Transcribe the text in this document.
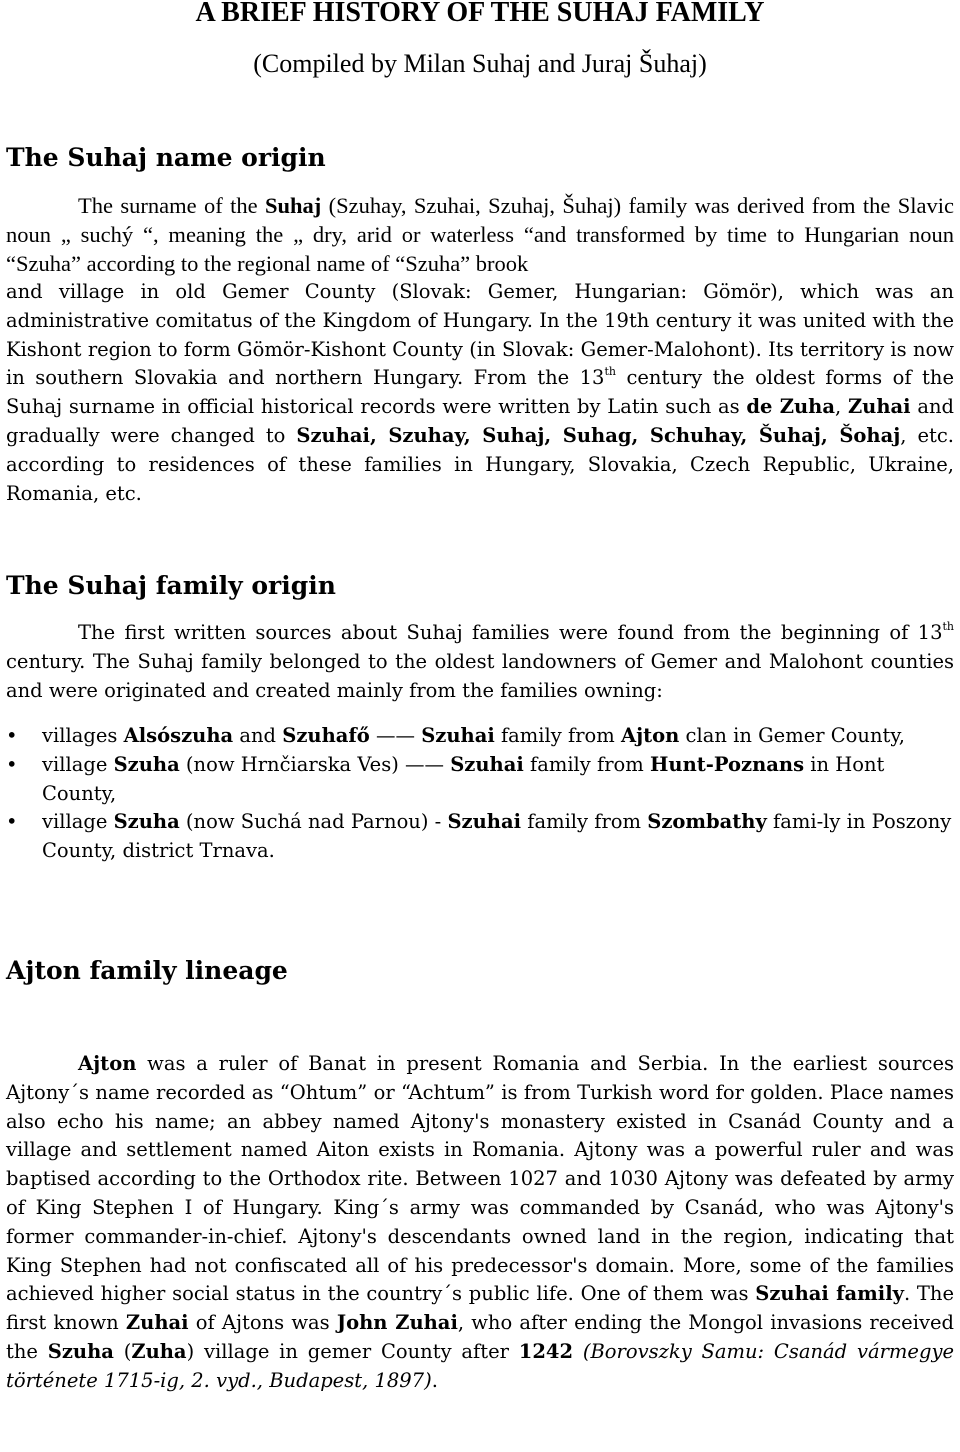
A BRIEF HISTORY OF THE SUHAJ FAMILY
(Compiled by Milan Suhaj and Juraj Šuhaj)
The Suhaj name origin
The surname of the Suhaj (Szuhay, Szuhai, Szuhaj, Šuhaj) family was derived from the Slavic noun „ suchý “, meaning the „ dry, arid or waterless “and transformed by time to Hungarian noun “Szuha” according to the regional name of “Szuha” brook
and village in old Gemer County (Slovak: Gemer, Hungarian: Gömör), which was an administrative comitatus of the Kingdom of Hungary. In the 19th century it was united with the Kishont region to form Gömör-Kishont County (in Slovak: Gemer-Malohont). Its territory is now in southern Slovakia and northern Hungary. From the 13th century the oldest forms of the Suhaj surname in official historical records were written by Latin such as de Zuha, Zuhai and gradually were changed to Szuhai, Szuhay, Suhaj, Suhag, Schuhay, Šuhaj, Šohaj, etc. according to residences of these families in Hungary, Slovakia, Czech Republic, Ukraine, Romania, etc.
The Suhaj family origin
The first written sources about Suhaj families were found from the beginning of 13th century. The Suhaj family belonged to the oldest landowners of Gemer and Malohont counties and were originated and created mainly from the families owning:
•	villages Alsószuha and Szuhafő —— Szuhai family from Ajton clan in Gemer County,
•	village Szuha (now Hrnčiarska Ves) —— Szuhai family from Hunt-Poznans in Hont County,
•	village Szuha (now Suchá nad Parnou) - Szuhai family from Szombathy fami-ly in Poszony County, district Trnava.
Ajton family lineage
Ajton was a ruler of Banat in present Romania and Serbia. In the earliest sources Ajtony´s name recorded as “Ohtum” or “Achtum” is from Turkish word for golden. Place names also echo his name; an abbey named Ajtony's monastery existed in Csanád County and a village and settlement named Aiton exists in Romania. Ajtony was a powerful ruler and was baptised according to the Orthodox rite. Between 1027 and 1030 Ajtony was defeated by army of King Stephen I of Hungary. King´s army was commanded by Csanád, who was Ajtony's former commander-in-chief. Ajtony's descendants owned land in the region, indicating that King Stephen had not confiscated all of his predecessor's domain. More, some of the families achieved higher social status in the country´s public life. One of them was Szuhai family. The first known Zuhai of Ajtons was John Zuhai, who after ending the Mongol invasions received the Szuha (Zuha) village in gemer County after 1242 (Borovszky Samu: Csanád vármegye története 1715-ig, 2. vyd., Budapest, 1897).
